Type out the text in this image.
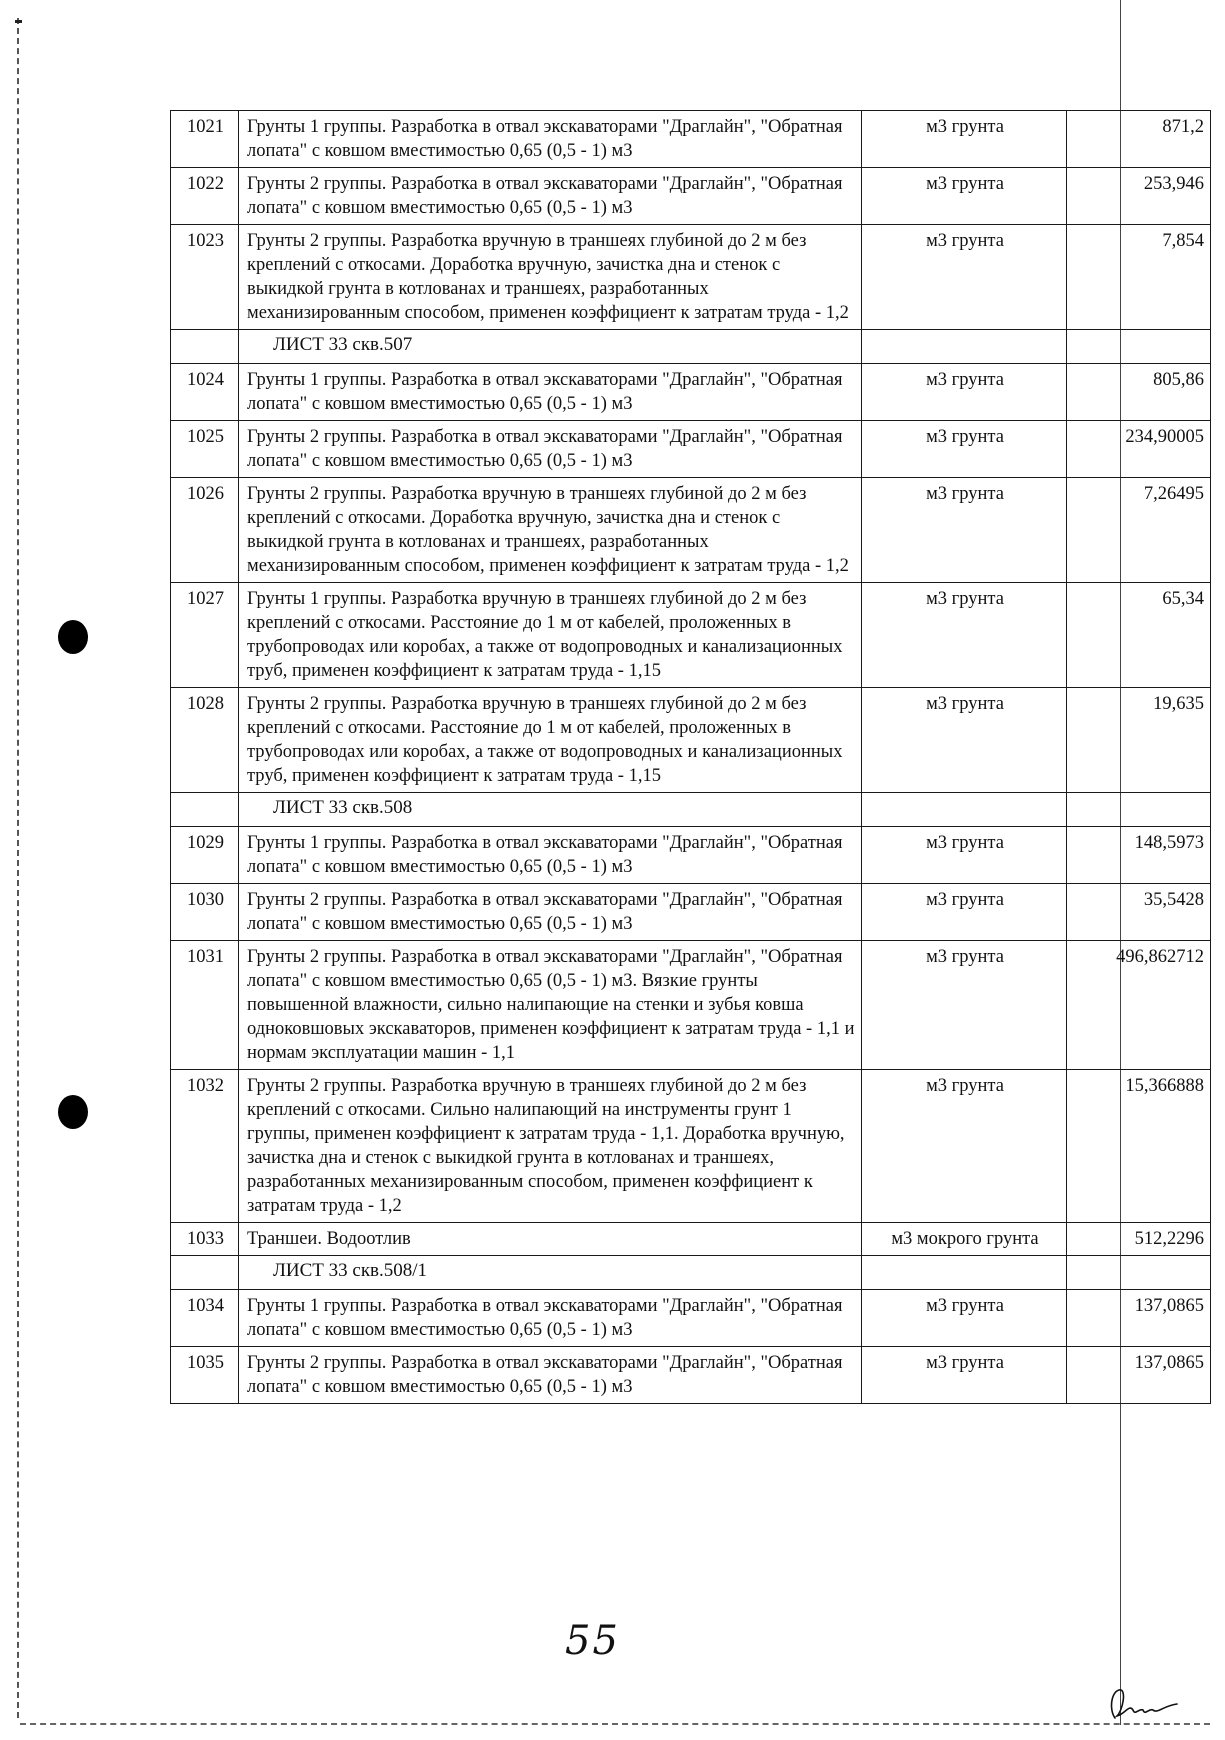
1021	Грунты 1 группы. Разработка в отвал экскаваторами "Драглайн", "Обратная лопата" с ковшом вместимостью 0,65 (0,5 - 1) м3	м3 грунта	871,2
1022	Грунты 2 группы. Разработка в отвал экскаваторами "Драглайн", "Обратная лопата" с ковшом вместимостью 0,65 (0,5 - 1) м3	м3 грунта	253,946
1023	Грунты 2 группы. Разработка вручную в траншеях глубиной до 2 м без креплений с откосами. Доработка вручную, зачистка дна и стенок с выкидкой грунта в котлованах и траншеях, разработанных механизированным способом, применен коэффициент к затратам труда - 1,2	м3 грунта	7,854
	ЛИСТ 33 скв.507		
1024	Грунты 1 группы. Разработка в отвал экскаваторами "Драглайн", "Обратная лопата" с ковшом вместимостью 0,65 (0,5 - 1) м3	м3 грунта	805,86
1025	Грунты 2 группы. Разработка в отвал экскаваторами "Драглайн", "Обратная лопата" с ковшом вместимостью 0,65 (0,5 - 1) м3	м3 грунта	234,90005
1026	Грунты 2 группы. Разработка вручную в траншеях глубиной до 2 м без креплений с откосами. Доработка вручную, зачистка дна и стенок с выкидкой грунта в котлованах и траншеях, разработанных механизированным способом, применен коэффициент к затратам труда - 1,2	м3 грунта	7,26495
1027	Грунты 1 группы. Разработка вручную в траншеях глубиной до 2 м без креплений с откосами. Расстояние до 1 м от кабелей, проложенных в трубопроводах или коробах, а также от водопроводных и канализационных труб, применен коэффициент к затратам труда - 1,15	м3 грунта	65,34
1028	Грунты 2 группы. Разработка вручную в траншеях глубиной до 2 м без креплений с откосами. Расстояние до 1 м от кабелей, проложенных в трубопроводах или коробах, а также от водопроводных и канализационных труб, применен коэффициент к затратам труда - 1,15	м3 грунта	19,635
	ЛИСТ 33 скв.508		
1029	Грунты 1 группы. Разработка в отвал экскаваторами "Драглайн", "Обратная лопата" с ковшом вместимостью 0,65 (0,5 - 1) м3	м3 грунта	148,5973
1030	Грунты 2 группы. Разработка в отвал экскаваторами "Драглайн", "Обратная лопата" с ковшом вместимостью 0,65 (0,5 - 1) м3	м3 грунта	35,5428
1031	Грунты 2 группы. Разработка в отвал экскаваторами "Драглайн", "Обратная лопата" с ковшом вместимостью 0,65 (0,5 - 1) м3. Вязкие грунты повышенной влажности, сильно налипающие на стенки и зубья ковша одноковшовых экскаваторов, применен коэффициент к затратам труда - 1,1 и нормам эксплуатации машин - 1,1	м3 грунта	496,862712
1032	Грунты 2 группы. Разработка вручную в траншеях глубиной до 2 м без креплений с откосами. Сильно налипающий на инструменты грунт 1 группы, применен коэффициент к затратам труда - 1,1. Доработка вручную, зачистка дна и стенок с выкидкой грунта в котлованах и траншеях, разработанных механизированным способом, применен коэффициент к затратам труда - 1,2	м3 грунта	15,366888
1033	Траншеи. Водоотлив	м3 мокрого грунта	512,2296
	ЛИСТ 33 скв.508/1		
1034	Грунты 1 группы. Разработка в отвал экскаваторами "Драглайн", "Обратная лопата" с ковшом вместимостью 0,65 (0,5 - 1) м3	м3 грунта	137,0865
1035	Грунты 2 группы. Разработка в отвал экскаваторами "Драглайн", "Обратная лопата" с ковшом вместимостью 0,65 (0,5 - 1) м3	м3 грунта	137,0865
55
